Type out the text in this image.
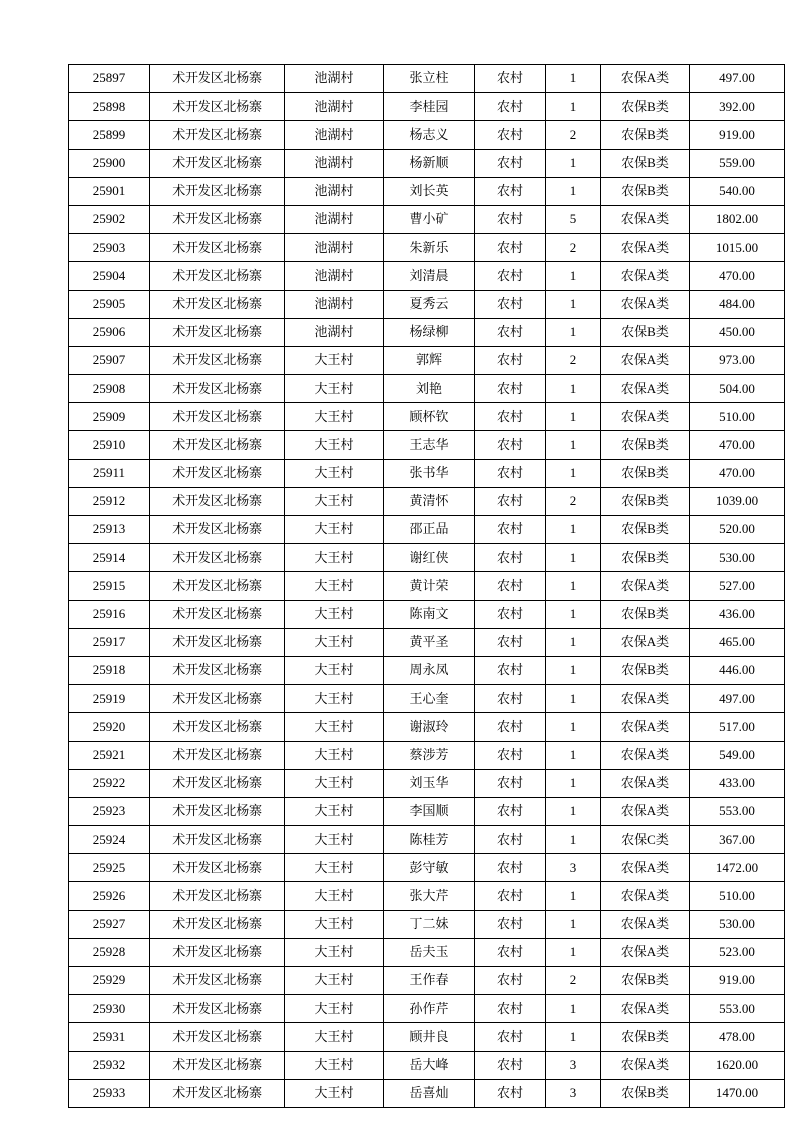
25897	术开发区北杨寨	池湖村	张立柱	农村	1	农保A类	497.00
25898	术开发区北杨寨	池湖村	李桂园	农村	1	农保B类	392.00
25899	术开发区北杨寨	池湖村	杨志义	农村	2	农保B类	919.00
25900	术开发区北杨寨	池湖村	杨新顺	农村	1	农保B类	559.00
25901	术开发区北杨寨	池湖村	刘长英	农村	1	农保B类	540.00
25902	术开发区北杨寨	池湖村	曹小矿	农村	5	农保A类	1802.00
25903	术开发区北杨寨	池湖村	朱新乐	农村	2	农保A类	1015.00
25904	术开发区北杨寨	池湖村	刘清晨	农村	1	农保A类	470.00
25905	术开发区北杨寨	池湖村	夏秀云	农村	1	农保A类	484.00
25906	术开发区北杨寨	池湖村	杨绿柳	农村	1	农保B类	450.00
25907	术开发区北杨寨	大王村	郭辉	农村	2	农保A类	973.00
25908	术开发区北杨寨	大王村	刘艳	农村	1	农保A类	504.00
25909	术开发区北杨寨	大王村	顾杯钦	农村	1	农保A类	510.00
25910	术开发区北杨寨	大王村	王志华	农村	1	农保B类	470.00
25911	术开发区北杨寨	大王村	张书华	农村	1	农保B类	470.00
25912	术开发区北杨寨	大王村	黄清怀	农村	2	农保B类	1039.00
25913	术开发区北杨寨	大王村	邵正品	农村	1	农保B类	520.00
25914	术开发区北杨寨	大王村	谢红侠	农村	1	农保B类	530.00
25915	术开发区北杨寨	大王村	黄计荣	农村	1	农保A类	527.00
25916	术开发区北杨寨	大王村	陈南文	农村	1	农保B类	436.00
25917	术开发区北杨寨	大王村	黄平圣	农村	1	农保A类	465.00
25918	术开发区北杨寨	大王村	周永凤	农村	1	农保B类	446.00
25919	术开发区北杨寨	大王村	王心奎	农村	1	农保A类	497.00
25920	术开发区北杨寨	大王村	谢淑玲	农村	1	农保A类	517.00
25921	术开发区北杨寨	大王村	蔡涉芳	农村	1	农保A类	549.00
25922	术开发区北杨寨	大王村	刘玉华	农村	1	农保A类	433.00
25923	术开发区北杨寨	大王村	李国顺	农村	1	农保A类	553.00
25924	术开发区北杨寨	大王村	陈桂芳	农村	1	农保C类	367.00
25925	术开发区北杨寨	大王村	彭守敏	农村	3	农保A类	1472.00
25926	术开发区北杨寨	大王村	张大芹	农村	1	农保A类	510.00
25927	术开发区北杨寨	大王村	丁二妹	农村	1	农保A类	530.00
25928	术开发区北杨寨	大王村	岳夫玉	农村	1	农保A类	523.00
25929	术开发区北杨寨	大王村	王作春	农村	2	农保B类	919.00
25930	术开发区北杨寨	大王村	孙作芹	农村	1	农保A类	553.00
25931	术开发区北杨寨	大王村	顾井良	农村	1	农保B类	478.00
25932	术开发区北杨寨	大王村	岳大峰	农村	3	农保A类	1620.00
25933	术开发区北杨寨	大王村	岳喜灿	农村	3	农保B类	1470.00
